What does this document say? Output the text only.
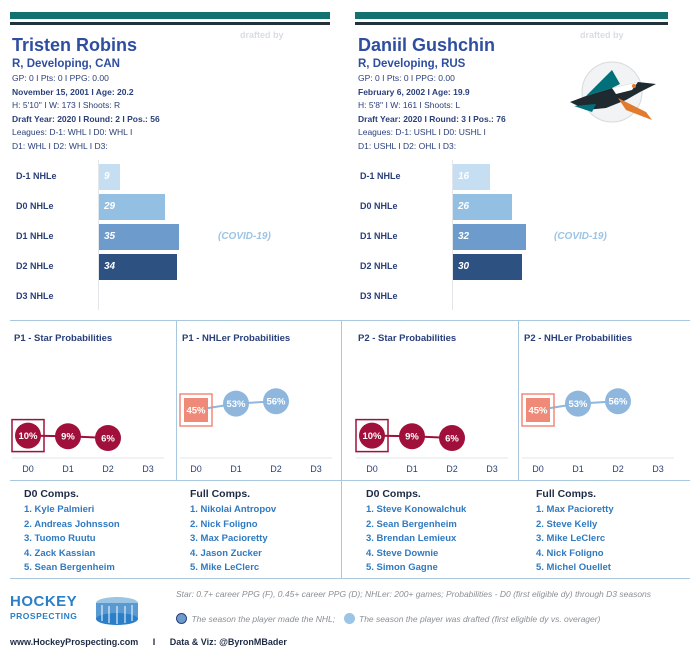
Tristen Robins	drafted by
R, Developing, CAN
GP: 0 I Pts: 0 I PPG: 0.00
November 15, 2001 I Age: 20.2
H: 5'10'' I W: 173 I Shoots: R
Draft Year: 2020 I Round: 2 I Pos.: 56
Leagues: D-1: WHL I D0: WHL I
D1: WHL I D2: WHL I D3:
Daniil Gushchin	drafted by
R, Developing, RUS
GP: 0 I Pts: 0 I PPG: 0.00
February 6, 2002 I Age: 19.9
H: 5'8'' I W: 161 I Shoots: L
Draft Year: 2020 I Round: 3 I Pos.: 76
Leagues: D-1: USHL I D0: USHL I
D1: USHL I D2: OHL I D3:
D-1 NHLe	9
D0 NHLe	29
D1 NHLe	35
D2 NHLe	34
D3 NHLe
D-1 NHLe	16
D0 NHLe	26
D1 NHLe	32
D2 NHLe	30
D3 NHLe
(COVID-19)	(COVID-19)
P1 - Star Probabilities	P1 - NHLer Probabilities	P2 - Star Probabilities	P2 - NHLer Probabilities
10% 9%	6%
D0	D1	D2	D3
45%
53% 56%
D0	D1	D2	D3
10% 9%	6%
D0	D1	D2	D3
45%
53% 56%
D0	D1	D2	D3
D0 Comps.
1. Kyle Palmieri
2. Andreas Johnsson
3. Tuomo Ruutu
4. Zack Kassian
5. Sean Bergenheim
Full Comps.
1. Nikolai Antropov
2. Nick Foligno
3. Max Pacioretty
4. Jason Zucker
5. Mike LeClerc
D0 Comps.
1. Steve Konowalchuk
2. Sean Bergenheim
3. Brendan Lemieux
4. Steve Downie
5. Simon Gagne
Full Comps.
1. Max Pacioretty
2. Steve Kelly
3. Mike LeClerc
4. Nick Foligno
5. Michel Ouellet
HOCKEY
PROSPECTING
Star: 0.7+ career PPG (F), 0.45+ career PPG (D); NHLer: 200+ games; Probabilities - D0 (first eligible dy) through D3 seasons
The season the player made the NHL;	The season the player was drafted (first eligible dy vs. overager)
www.HockeyProspecting.com I Data & Viz: @ByronMBader
